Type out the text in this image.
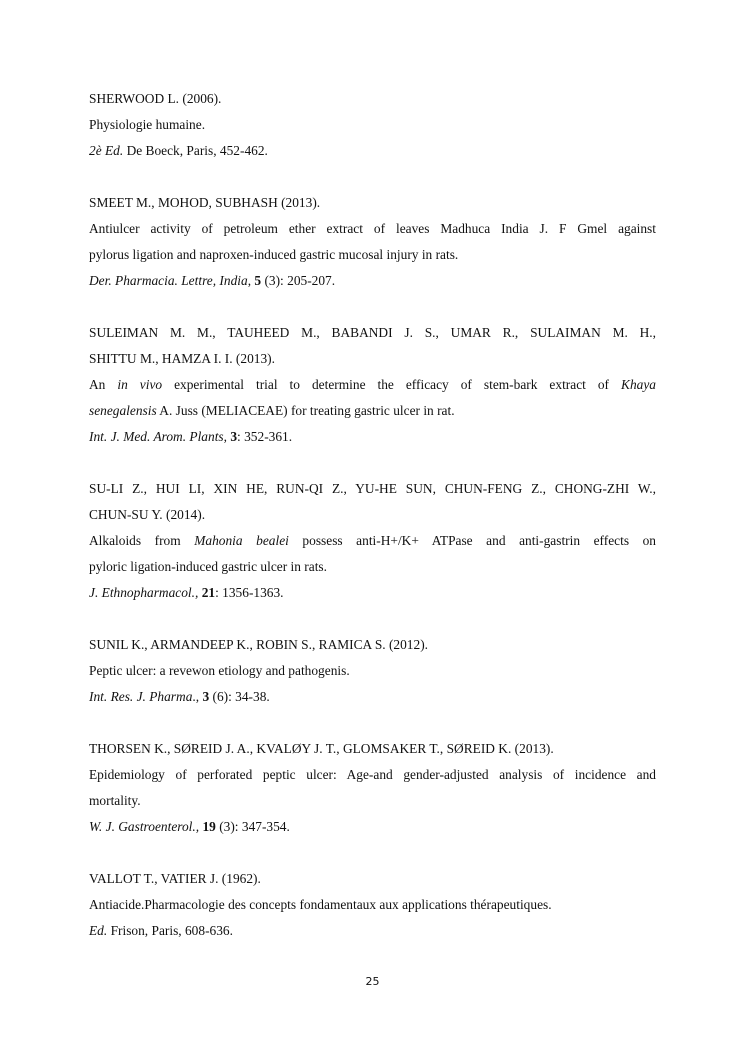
SHERWOOD L. (2006).

Physiologie humaine.

2è Ed. De Boeck, Paris, 452-462.

SMEET M., MOHOD, SUBHASH (2013).

Antiulcer activity of petroleum ether extract of leaves Madhuca India J. F Gmel against

pylorus ligation and naproxen-induced gastric mucosal injury in rats.

Der. Pharmacia. Lettre, India, 5 (3): 205-207.

SULEIMAN M. M., TAUHEED M., BABANDI J. S., UMAR R., SULAIMAN M. H.,

SHITTU M., HAMZA I. I. (2013).

An in vivo experimental trial to determine the efficacy of stem-bark extract of Khaya

senegalensis A. Juss (MELIACEAE) for treating gastric ulcer in rat.

Int. J. Med. Arom. Plants, 3: 352-361.

SU-LI Z., HUI LI, XIN HE, RUN-QI Z., YU-HE SUN, CHUN-FENG Z., CHONG-ZHI W.,

CHUN-SU Y. (2014).

Alkaloids from Mahonia bealei possess anti-H+/K+ ATPase and anti-gastrin effects on

pyloric ligation-induced gastric ulcer in rats.

J. Ethnopharmacol., 21: 1356-1363.

SUNIL K., ARMANDEEP K., ROBIN S., RAMICA S. (2012).

Peptic ulcer: a revewon etiology and pathogenis.

Int. Res. J. Pharma., 3 (6): 34-38.

THORSEN K., SØREID J. A., KVALØY J. T., GLOMSAKER T., SØREID K. (2013).

Epidemiology of perforated peptic ulcer: Age-and gender-adjusted analysis of incidence and

mortality.

W. J. Gastroenterol., 19 (3): 347-354.

VALLOT T., VATIER J. (1962).

Antiacide.Pharmacologie des concepts fondamentaux aux applications thérapeutiques.

Ed. Frison, Paris, 608-636.

25
